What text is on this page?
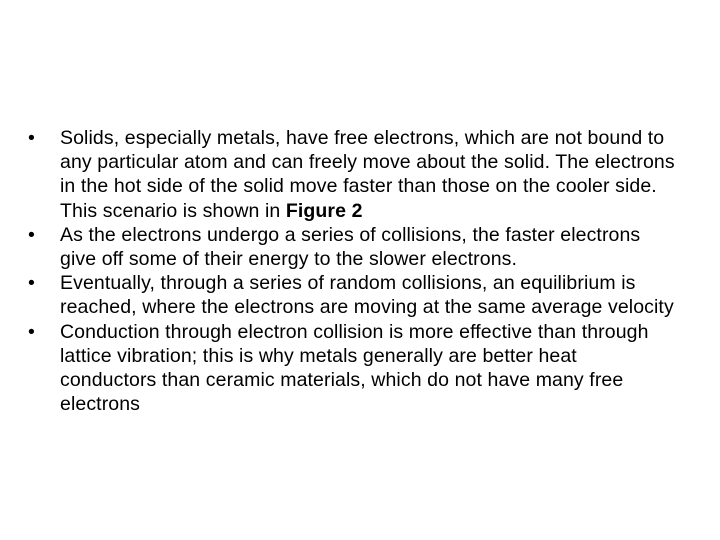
•	Solids, especially metals, have free electrons, which are not bound to any particular atom and can freely move about the solid. The electrons in the hot side of the solid move faster than those on the cooler side. This scenario is shown in Figure 2
•	As the electrons undergo a series of collisions, the faster electrons give off some of their energy to the slower electrons.
•	Eventually, through a series of random collisions, an equilibrium is reached, where the electrons are moving at the same average velocity
•	Conduction through electron collision is more effective than through lattice vibration; this is why metals generally are better heat conductors than ceramic materials, which do not have many free electrons
